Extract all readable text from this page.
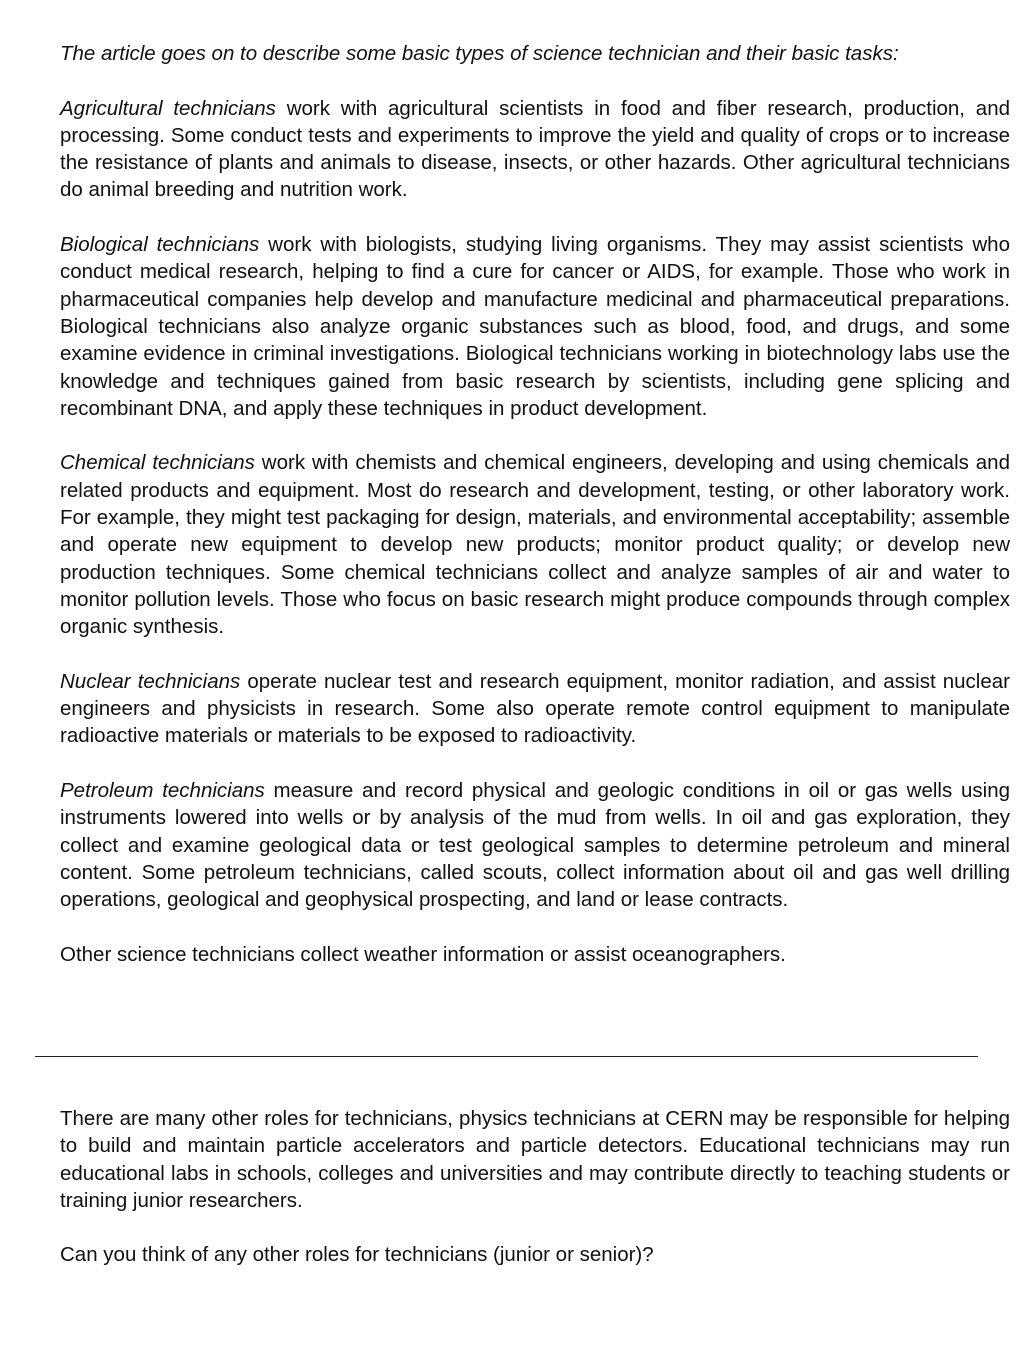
The article goes on to describe some basic types of science technician and their basic tasks:

Agricultural technicians work with agricultural scientists in food and fiber research, production, and processing. Some conduct tests and experiments to improve the yield and quality of crops or to increase the resistance of plants and animals to disease, insects, or other hazards. Other agricultural technicians do animal breeding and nutrition work.

Biological technicians work with biologists, studying living organisms. They may assist scientists who conduct medical research, helping to find a cure for cancer or AIDS, for example. Those who work in pharmaceutical companies help develop and manufacture medicinal and pharmaceutical preparations. Biological technicians also analyze organic substances such as blood, food, and drugs, and some examine evidence in criminal investigations. Biological technicians working in biotechnology labs use the knowledge and techniques gained from basic research by scientists, including gene splicing and recombinant DNA, and apply these techniques in product development.

Chemical technicians work with chemists and chemical engineers, developing and using chemicals and related products and equipment. Most do research and development, testing, or other laboratory work. For example, they might test packaging for design, materials, and environmental acceptability; assemble and operate new equipment to develop new products; monitor product quality; or develop new production techniques. Some chemical technicians collect and analyze samples of air and water to monitor pollution levels. Those who focus on basic research might produce compounds through complex organic synthesis.

Nuclear technicians operate nuclear test and research equipment, monitor radiation, and assist nuclear engineers and physicists in research. Some also operate remote control equipment to manipulate radioactive materials or materials to be exposed to radioactivity.

Petroleum technicians measure and record physical and geologic conditions in oil or gas wells using instruments lowered into wells or by analysis of the mud from wells. In oil and gas exploration, they collect and examine geological data or test geological samples to determine petroleum and mineral content. Some petroleum technicians, called scouts, collect information about oil and gas well drilling operations, geological and geophysical prospecting, and land or lease contracts.

Other science technicians collect weather information or assist oceanographers.

There are many other roles for technicians, physics technicians at CERN may be responsible for helping to build and maintain particle accelerators and particle detectors. Educational technicians may run educational labs in schools, colleges and universities and may contribute directly to teaching students or training junior researchers.

Can you think of any other roles for technicians (junior or senior)?
